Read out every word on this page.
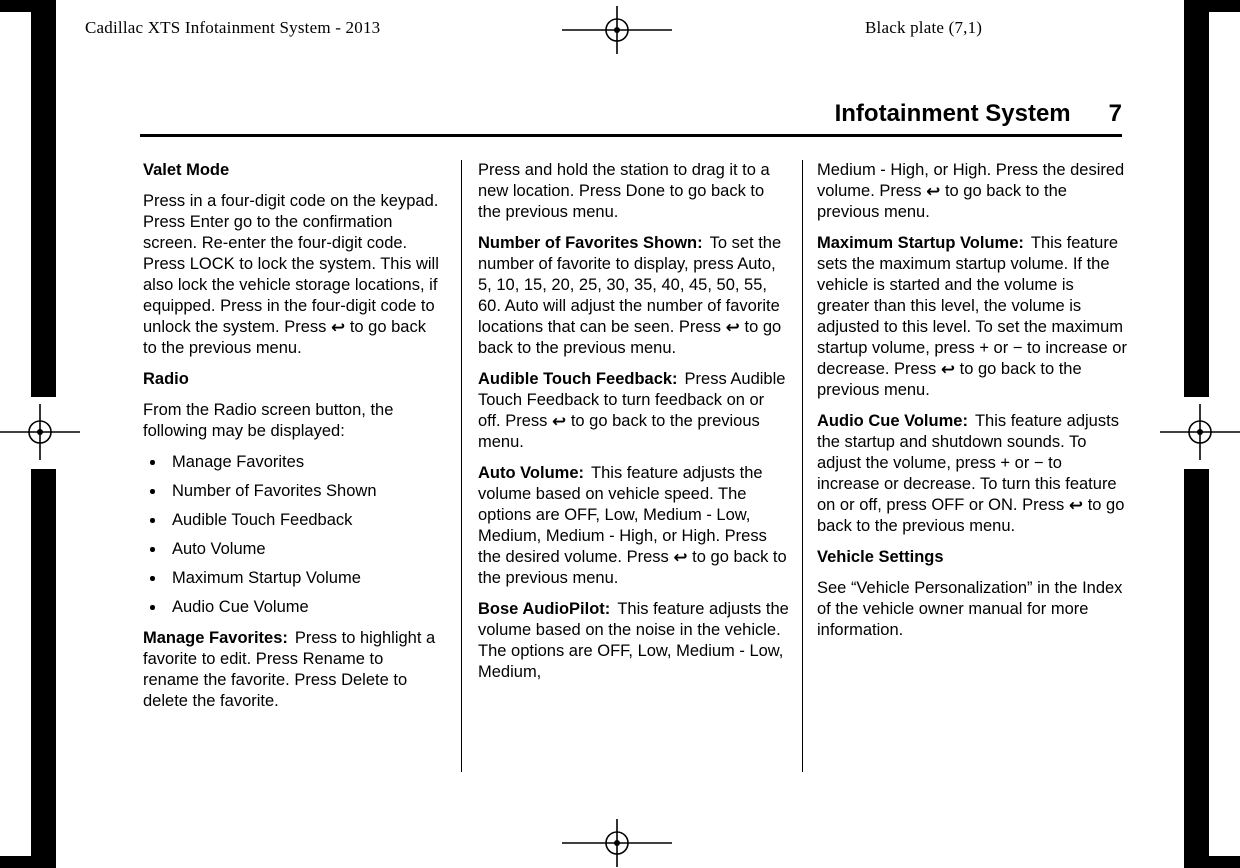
Cadillac XTS Infotainment System - 2013	Black plate (7,1)
Infotainment System 7

Valet Mode

Press in a four-digit code on the keypad. Press Enter go to the confirmation screen. Re-enter the four-digit code. Press LOCK to lock the system. This will also lock the vehicle storage locations, if equipped. Press in the four-digit code to unlock the system. Press ↩ to go back to the previous menu.

Radio

From the Radio screen button, the following may be displayed:

Manage Favorites
Number of Favorites Shown
Audible Touch Feedback
Auto Volume
Maximum Startup Volume
Audio Cue Volume

Manage Favorites: Press to highlight a favorite to edit. Press Rename to rename the favorite. Press Delete to delete the favorite.

Press and hold the station to drag it to a new location. Press Done to go back to the previous menu.

Number of Favorites Shown: To set the number of favorite to display, press Auto, 5, 10, 15, 20, 25, 30, 35, 40, 45, 50, 55, 60. Auto will adjust the number of favorite locations that can be seen. Press ↩ to go back to the previous menu.

Audible Touch Feedback: Press Audible Touch Feedback to turn feedback on or off. Press ↩ to go back to the previous menu.

Auto Volume: This feature adjusts the volume based on vehicle speed. The options are OFF, Low, Medium - Low, Medium, Medium - High, or High. Press the desired volume. Press ↩ to go back to the previous menu.

Bose AudioPilot: This feature adjusts the volume based on the noise in the vehicle. The options are OFF, Low, Medium - Low, Medium,

Medium - High, or High. Press the desired volume. Press ↩ to go back to the previous menu.

Maximum Startup Volume: This feature sets the maximum startup volume. If the vehicle is started and the volume is greater than this level, the volume is adjusted to this level. To set the maximum startup volume, press + or − to increase or decrease. Press ↩ to go back to the previous menu.

Audio Cue Volume: This feature adjusts the startup and shutdown sounds. To adjust the volume, press + or − to increase or decrease. To turn this feature on or off, press OFF or ON. Press ↩ to go back to the previous menu.

Vehicle Settings

See “Vehicle Personalization” in the Index of the vehicle owner manual for more information.
